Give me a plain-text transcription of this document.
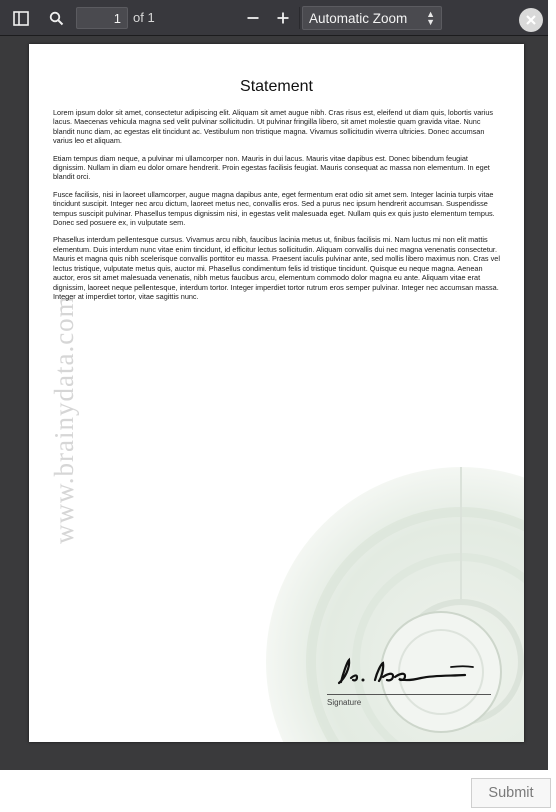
1
of 1	Automatic Zoom ▲
▼
www.brainydata.com
Statement

Lorem ipsum dolor sit amet, consectetur adipiscing elit. Aliquam sit amet augue nibh. Cras risus est, eleifend ut diam quis, lobortis varius lacus. Maecenas vehicula magna sed velit pulvinar sollicitudin. Ut pulvinar fringilla libero, sit amet molestie quam gravida vitae. Nunc blandit nunc diam, ac egestas elit tincidunt ac. Vestibulum non tristique magna. Vivamus sollicitudin viverra ultricies. Donec accumsan varius leo et aliquam.

Etiam tempus diam neque, a pulvinar mi ullamcorper non. Mauris in dui lacus. Mauris vitae dapibus est. Donec bibendum feugiat dignissim. Nullam in diam eu dolor ornare hendrerit. Proin egestas facilisis feugiat. Mauris consequat ac massa non elementum. In eget blandit orci.

Fusce facilisis, nisi in laoreet ullamcorper, augue magna dapibus ante, eget fermentum erat odio sit amet sem. Integer lacinia turpis vitae tincidunt suscipit. Integer nec arcu dictum, laoreet metus nec, convallis eros. Sed a purus nec ipsum hendrerit accumsan. Suspendisse tempus suscipit pulvinar. Phasellus tempus dignissim nisi, in egestas velit malesuada eget. Nullam quis ex quis justo elementum tempus. Donec sed posuere ex, in vulputate sem.

Phasellus interdum pellentesque cursus. Vivamus arcu nibh, faucibus lacinia metus ut, finibus facilisis mi. Nam luctus mi non elit mattis elementum. Duis interdum nunc vitae enim tincidunt, id efficitur lectus sollicitudin. Aliquam convallis dui nec magna venenatis consectetur. Mauris et magna quis nibh scelerisque convallis porttitor eu massa. Praesent iaculis pulvinar ante, sed mollis libero maximus non. Cras vel lectus tristique, vulputate metus quis, auctor mi. Phasellus condimentum felis id tristique tincidunt. Quisque eu neque magna. Aenean auctor, eros sit amet malesuada venenatis, nibh metus faucibus arcu, elementum commodo dolor magna eu ante. Aliquam vitae erat dignissim, laoreet neque pellentesque, interdum tortor. Integer imperdiet tortor rutrum eros semper pulvinar. Integer nec accumsan massa. Integer at imperdiet tortor, vitae sagittis nunc.

Signature
Submit
